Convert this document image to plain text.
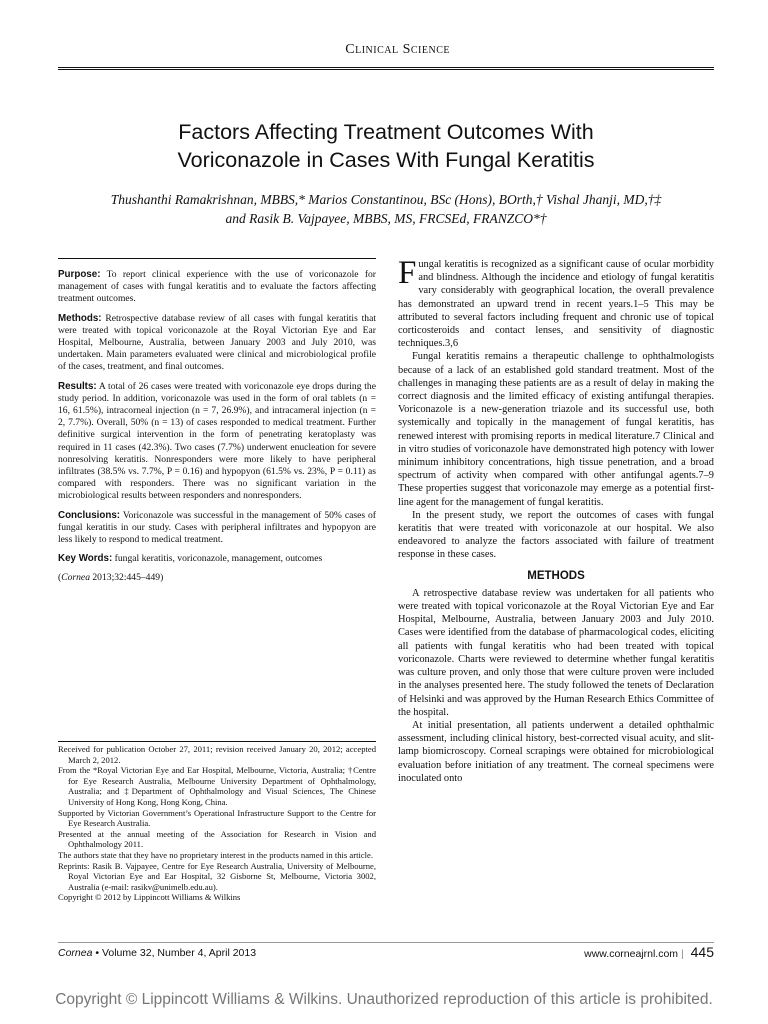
Clinical Science
Factors Affecting Treatment Outcomes With
Voriconazole in Cases With Fungal Keratitis
Thushanthi Ramakrishnan, MBBS,* Marios Constantinou, BSc (Hons), BOrth,† Vishal Jhanji, MD,†‡
and Rasik B. Vajpayee, MBBS, MS, FRCSEd, FRANZCO*†

Purpose: To report clinical experience with the use of voriconazole for management of cases with fungal keratitis and to evaluate the factors affecting treatment outcomes.

Methods: Retrospective database review of all cases with fungal keratitis that were treated with topical voriconazole at the Royal Victorian Eye and Ear Hospital, Melbourne, Australia, between January 2003 and July 2010, was undertaken. Main parameters evaluated were clinical and microbiological profile of the cases, treatment, and final outcomes.

Results: A total of 26 cases were treated with voriconazole eye drops during the study period. In addition, voriconazole was used in the form of oral tablets (n = 16, 61.5%), intracorneal injection (n = 7, 26.9%), and intracameral injection (n = 2, 7.7%). Overall, 50% (n = 13) of cases responded to medical treatment. Further definitive surgical intervention in the form of penetrating keratoplasty was required in 11 cases (42.3%). Two cases (7.7%) underwent enucleation for severe nonresolving keratitis. Nonresponders were more likely to have peripheral infiltrates (38.5% vs. 7.7%, P = 0.16) and hypopyon (61.5% vs. 23%, P = 0.11) as compared with responders. There was no significant variation in the microbiological results between responders and nonresponders.

Conclusions: Voriconazole was successful in the management of 50% cases of fungal keratitis in our study. Cases with peripheral infiltrates and hypopyon are less likely to respond to medical treatment.

Key Words: fungal keratitis, voriconazole, management, outcomes

(Cornea 2013;32:445–449)

Received for publication October 27, 2011; revision received January 20, 2012; accepted March 2, 2012.

From the *Royal Victorian Eye and Ear Hospital, Melbourne, Victoria, Australia; †Centre for Eye Research Australia, Melbourne University Department of Ophthalmology, Australia; and ‡Department of Ophthalmology and Visual Sciences, The Chinese University of Hong Kong, Hong Kong, China.

Supported by Victorian Government’s Operational Infrastructure Support to the Centre for Eye Research Australia.

Presented at the annual meeting of the Association for Research in Vision and Ophthalmology 2011.

The authors state that they have no proprietary interest in the products named in this article.

Reprints: Rasik B. Vajpayee, Centre for Eye Research Australia, University of Melbourne, Royal Victorian Eye and Ear Hospital, 32 Gisborne St, Melbourne, Victoria 3002, Australia (e-mail: rasikv@unimelb.edu.au).

Copyright © 2012 by Lippincott Williams & Wilkins

Fungal keratitis is recognized as a significant cause of ocular morbidity and blindness. Although the incidence and etiology of fungal keratitis vary considerably with geographical location, the overall prevalence has demonstrated an upward trend in recent years.1–5 This may be attributed to several factors including frequent and chronic use of topical corticosteroids and contact lenses, and sensitivity of diagnostic techniques.3,6

Fungal keratitis remains a therapeutic challenge to ophthalmologists because of a lack of an established gold standard treatment. Most of the challenges in managing these patients are as a result of delay in making the correct diagnosis and the limited efficacy of existing antifungal therapies. Voriconazole is a new-generation triazole and its successful use, both systemically and topically in the management of fungal keratitis, has renewed interest with promising reports in medical literature.7 Clinical and in vitro studies of voriconazole have demonstrated high potency with lower minimum inhibitory concentrations, high tissue penetration, and a broad spectrum of activity when compared with other antifungal agents.7–9 These properties suggest that voriconazole may emerge as a potential first-line agent for the management of fungal keratitis.

In the present study, we report the outcomes of cases with fungal keratitis that were treated with voriconazole at our hospital. We also endeavored to analyze the factors associated with failure of treatment response in these cases.

METHODS

A retrospective database review was undertaken for all patients who were treated with topical voriconazole at the Royal Victorian Eye and Ear Hospital, Melbourne, Australia, between January 2003 and July 2010. Cases were identified from the database of pharmacological codes, eliciting all patients with fungal keratitis who had been treated with topical voriconazole. Charts were reviewed to determine whether fungal keratitis was culture proven, and only those that were culture proven were included in the analyses presented here. The study followed the tenets of Declaration of Helsinki and was approved by the Human Research Ethics Committee of the hospital.

At initial presentation, all patients underwent a detailed ophthalmic assessment, including clinical history, best-corrected visual acuity, and slit-lamp biomicroscopy. Corneal scrapings were obtained for microbiological evaluation before initiation of any treatment. The corneal specimens were inoculated onto

Cornea • Volume 32, Number 4, April 2013	www.corneajrnl.com | 445
Copyright © Lippincott Williams & Wilkins. Unauthorized reproduction of this article is prohibited.
